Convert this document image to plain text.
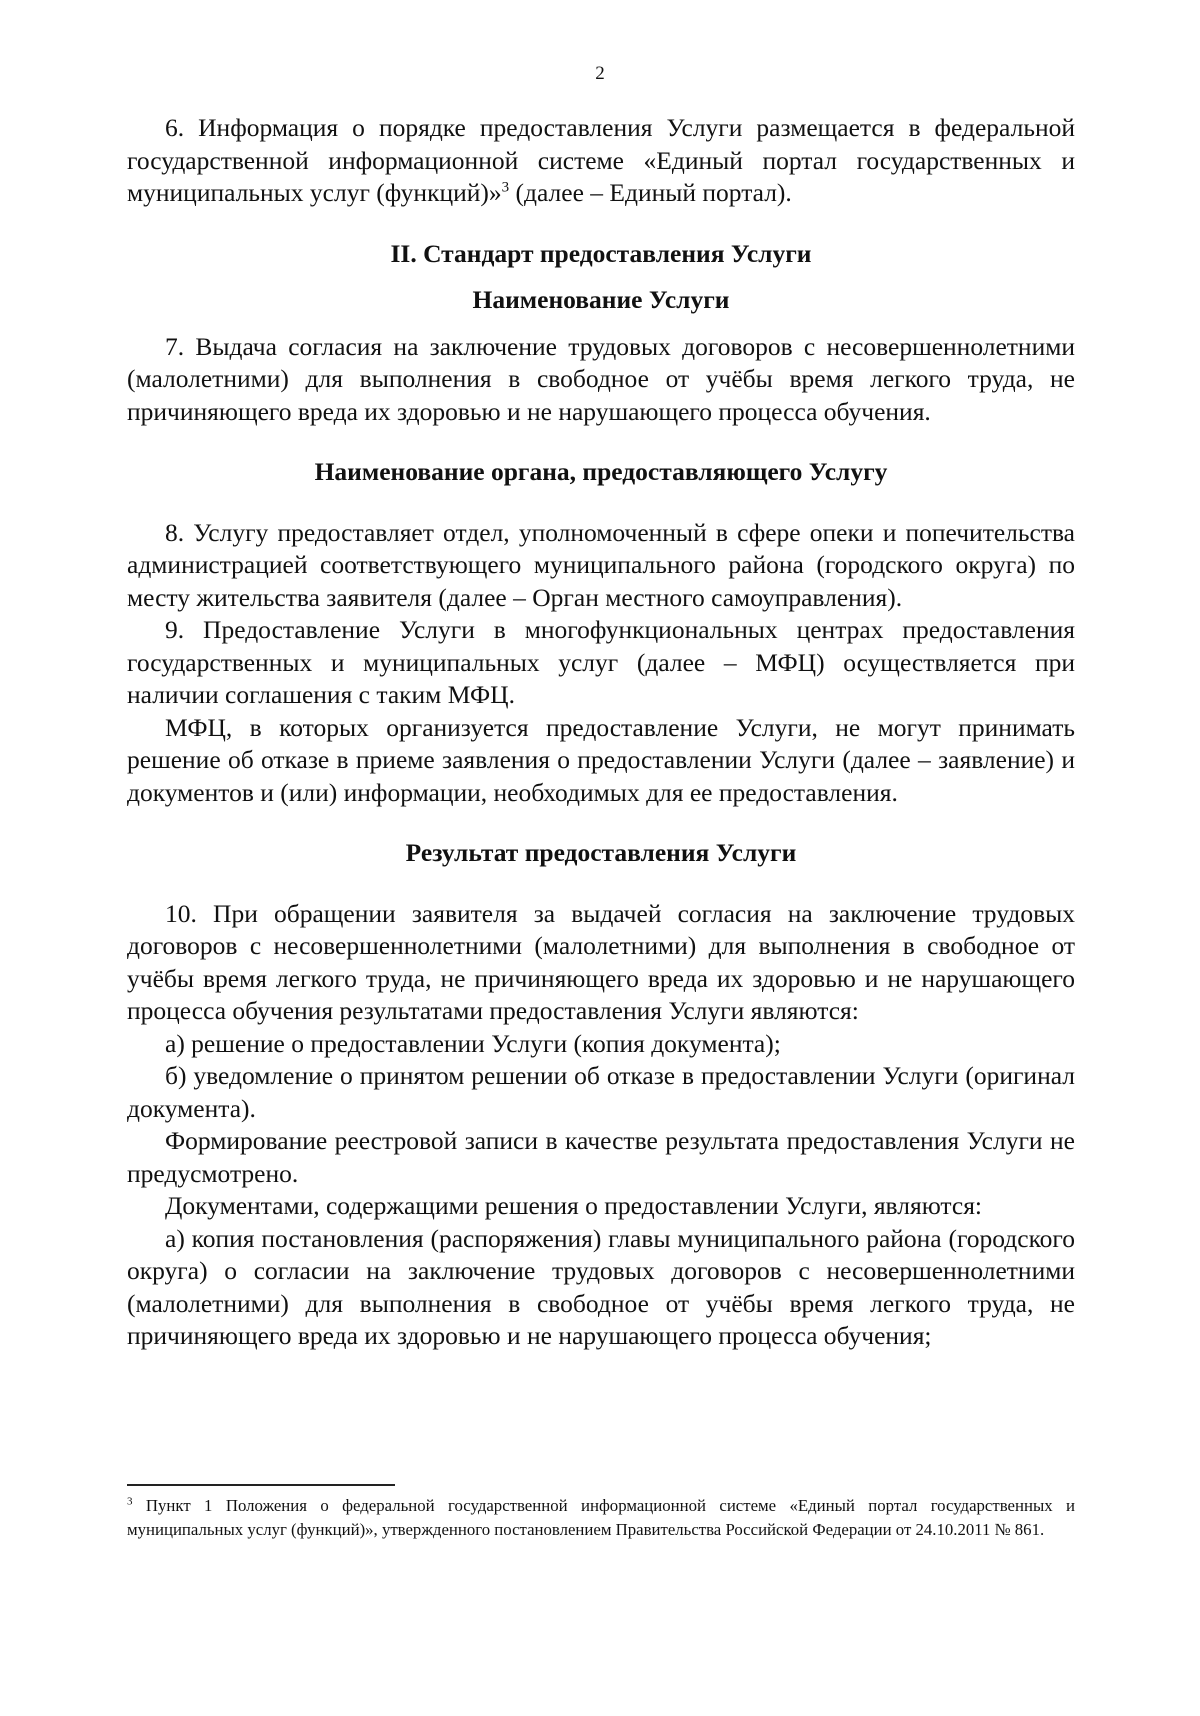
2

6. Информация о порядке предоставления Услуги размещается в федеральной государственной информационной системе «Единый портал государственных и муниципальных услуг (функций)»$^3$ (далее – Единый портал).

II. Стандарт предоставления Услуги

Наименование Услуги

7. Выдача согласия на заключение трудовых договоров с несовершеннолетними (малолетними) для выполнения в свободное от учёбы время легкого труда, не причиняющего вреда их здоровью и не нарушающего процесса обучения.

Наименование органа, предоставляющего Услугу

8. Услугу предоставляет отдел, уполномоченный в сфере опеки и попечительства администрацией соответствующего муниципального района (городского округа) по месту жительства заявителя (далее – Орган местного самоуправления).

9. Предоставление Услуги в многофункциональных центрах предоставления государственных и муниципальных услуг (далее – МФЦ) осуществляется при наличии соглашения с таким МФЦ.

МФЦ, в которых организуется предоставление Услуги, не могут принимать решение об отказе в приеме заявления о предоставлении Услуги (далее – заявление) и документов и (или) информации, необходимых для ее предоставления.

Результат предоставления Услуги

10. При обращении заявителя за выдачей согласия на заключение трудовых договоров с несовершеннолетними (малолетними) для выполнения в свободное от учёбы время легкого труда, не причиняющего вреда их здоровью и не нарушающего процесса обучения результатами предоставления Услуги являются:

а) решение о предоставлении Услуги (копия документа);

б) уведомление о принятом решении об отказе в предоставлении Услуги (оригинал документа).

Формирование реестровой записи в качестве результата предоставления Услуги не предусмотрено.

Документами, содержащими решения о предоставлении Услуги, являются:

а) копия постановления (распоряжения) главы муниципального района (городского округа) о согласии на заключение трудовых договоров с несовершеннолетними (малолетними) для выполнения в свободное от учёбы время легкого труда, не причиняющего вреда их здоровью и не нарушающего процесса обучения;

$^3$ Пункт 1 Положения о федеральной государственной информационной системе «Единый портал государственных и муниципальных услуг (функций)», утвержденного постановлением Правительства Российской Федерации от 24.10.2011 № 861.
